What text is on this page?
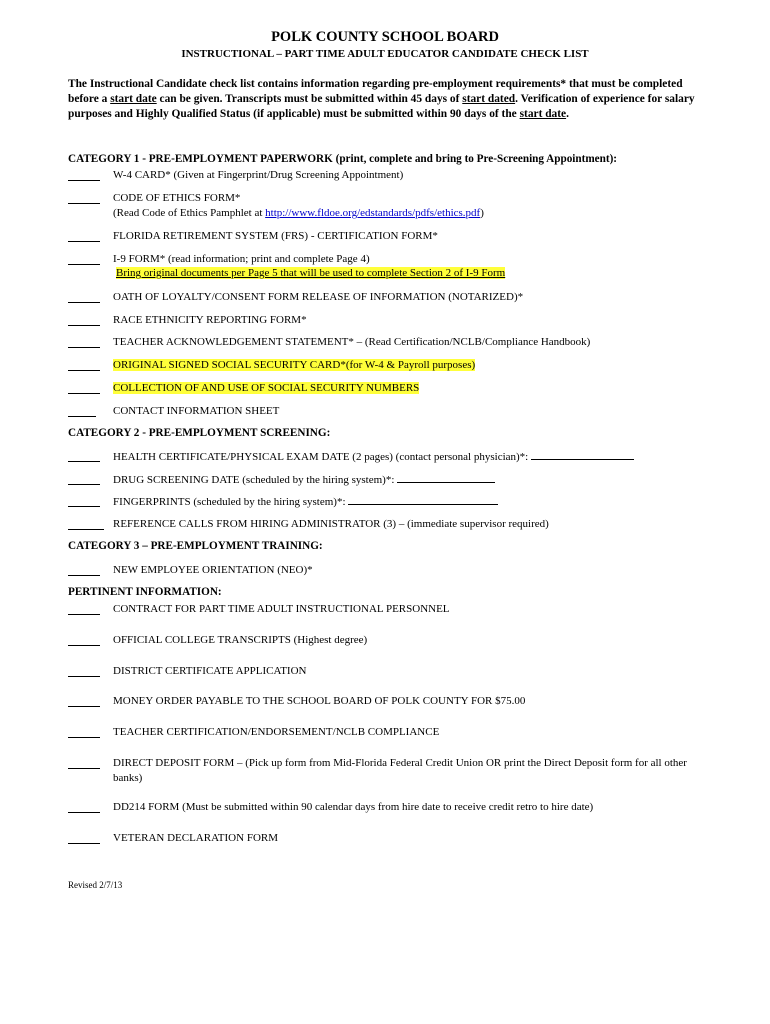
POLK COUNTY SCHOOL BOARD
INSTRUCTIONAL – PART TIME ADULT EDUCATOR CANDIDATE CHECK LIST
The Instructional Candidate check list contains information regarding pre-employment requirements* that must be completed before a start date can be given. Transcripts must be submitted within 45 days of start dated. Verification of experience for salary purposes and Highly Qualified Status (if applicable) must be submitted within 90 days of the start date.
CATEGORY 1 - PRE-EMPLOYMENT PAPERWORK (print, complete and bring to Pre-Screening Appointment):
W-4 CARD* (Given at Fingerprint/Drug Screening Appointment)
CODE OF ETHICS FORM*
(Read Code of Ethics Pamphlet at http://www.fldoe.org/edstandards/pdfs/ethics.pdf)
FLORIDA RETIREMENT SYSTEM (FRS) - CERTIFICATION FORM*
I-9 FORM* (read information; print and complete Page 4)
Bring original documents per Page 5 that will be used to complete Section 2 of I-9 Form
OATH OF LOYALTY/CONSENT FORM RELEASE OF INFORMATION (NOTARIZED)*
RACE ETHNICITY REPORTING FORM*
TEACHER ACKNOWLEDGEMENT STATEMENT* – (Read Certification/NCLB/Compliance Handbook)
ORIGINAL SIGNED SOCIAL SECURITY CARD*(for W-4 & Payroll purposes)
COLLECTION OF AND USE OF SOCIAL SECURITY NUMBERS
CONTACT INFORMATION SHEET
CATEGORY 2 - PRE-EMPLOYMENT SCREENING:
HEALTH CERTIFICATE/PHYSICAL EXAM DATE (2 pages) (contact personal physician)*:
DRUG SCREENING DATE (scheduled by the hiring system)*:
FINGERPRINTS (scheduled by the hiring system)*:
REFERENCE CALLS FROM HIRING ADMINISTRATOR (3) – (immediate supervisor required)
CATEGORY 3 – PRE-EMPLOYMENT TRAINING:
NEW EMPLOYEE ORIENTATION (NEO)*
PERTINENT INFORMATION:
CONTRACT FOR PART TIME ADULT INSTRUCTIONAL PERSONNEL
OFFICIAL COLLEGE TRANSCRIPTS (Highest degree)
DISTRICT CERTIFICATE APPLICATION
MONEY ORDER PAYABLE TO THE SCHOOL BOARD OF POLK COUNTY FOR $75.00
TEACHER CERTIFICATION/ENDORSEMENT/NCLB COMPLIANCE
DIRECT DEPOSIT FORM – (Pick up form from Mid-Florida Federal Credit Union OR print the Direct Deposit form for all other banks)
DD214 FORM (Must be submitted within 90 calendar days from hire date to receive credit retro to hire date)
VETERAN DECLARATION FORM
Revised 2/7/13
